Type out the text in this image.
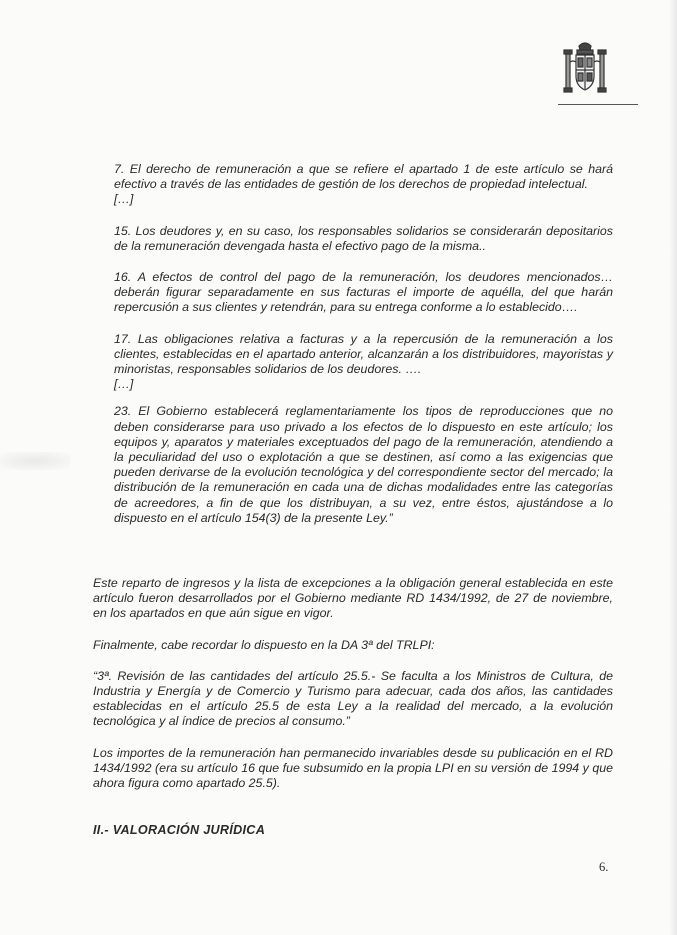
7. El derecho de remuneración a que se refiere el apartado 1 de este artículo se hará efectivo a través de las entidades de gestión de los derechos de propiedad intelectual.

[…]

15. Los deudores y, en su caso, los responsables solidarios se considerarán depositarios de la remuneración devengada hasta el efectivo pago de la misma..

16. A efectos de control del pago de la remuneración, los deudores mencionados… deberán figurar separadamente en sus facturas el importe de aquélla, del que harán repercusión a sus clientes y retendrán, para su entrega conforme a lo establecido….

17. Las obligaciones relativa a facturas y a la repercusión de la remuneración a los clientes, establecidas en el apartado anterior, alcanzarán a los distribuidores, mayoristas y minoristas, responsables solidarios de los deudores. ….

[…]

23. El Gobierno establecerá reglamentariamente los tipos de reproducciones que no deben considerarse para uso privado a los efectos de lo dispuesto en este artículo; los equipos y, aparatos y materiales exceptuados del pago de la remuneración, atendiendo a la peculiaridad del uso o explotación a que se destinen, así como a las exigencias que pueden derivarse de la evolución tecnológica y del correspondiente sector del mercado; la distribución de la remuneración en cada una de dichas modalidades entre las categorías de acreedores, a fin de que los distribuyan, a su vez, entre éstos, ajustándose a lo dispuesto en el artículo 154(3) de la presente Ley.”

Este reparto de ingresos y la lista de excepciones a la obligación general establecida en este artículo fueron desarrollados por el Gobierno mediante RD 1434/1992, de 27 de noviembre, en los apartados en que aún sigue en vigor.

Finalmente, cabe recordar lo dispuesto en la DA 3ª del TRLPI:

“3ª. Revisión de las cantidades del artículo 25.5.- Se faculta a los Ministros de Cultura, de Industria y Energía y de Comercio y Turismo para adecuar, cada dos años, las cantidades establecidas en el artículo 25.5 de esta Ley a la realidad del mercado, a la evolución tecnológica y al índice de precios al consumo.”

Los importes de la remuneración han permanecido invariables desde su publicación en el RD 1434/1992 (era su artículo 16 que fue subsumido en la propia LPI en su versión de 1994 y que ahora figura como apartado 25.5).

II.- VALORACIÓN JURÍDICA
6.
